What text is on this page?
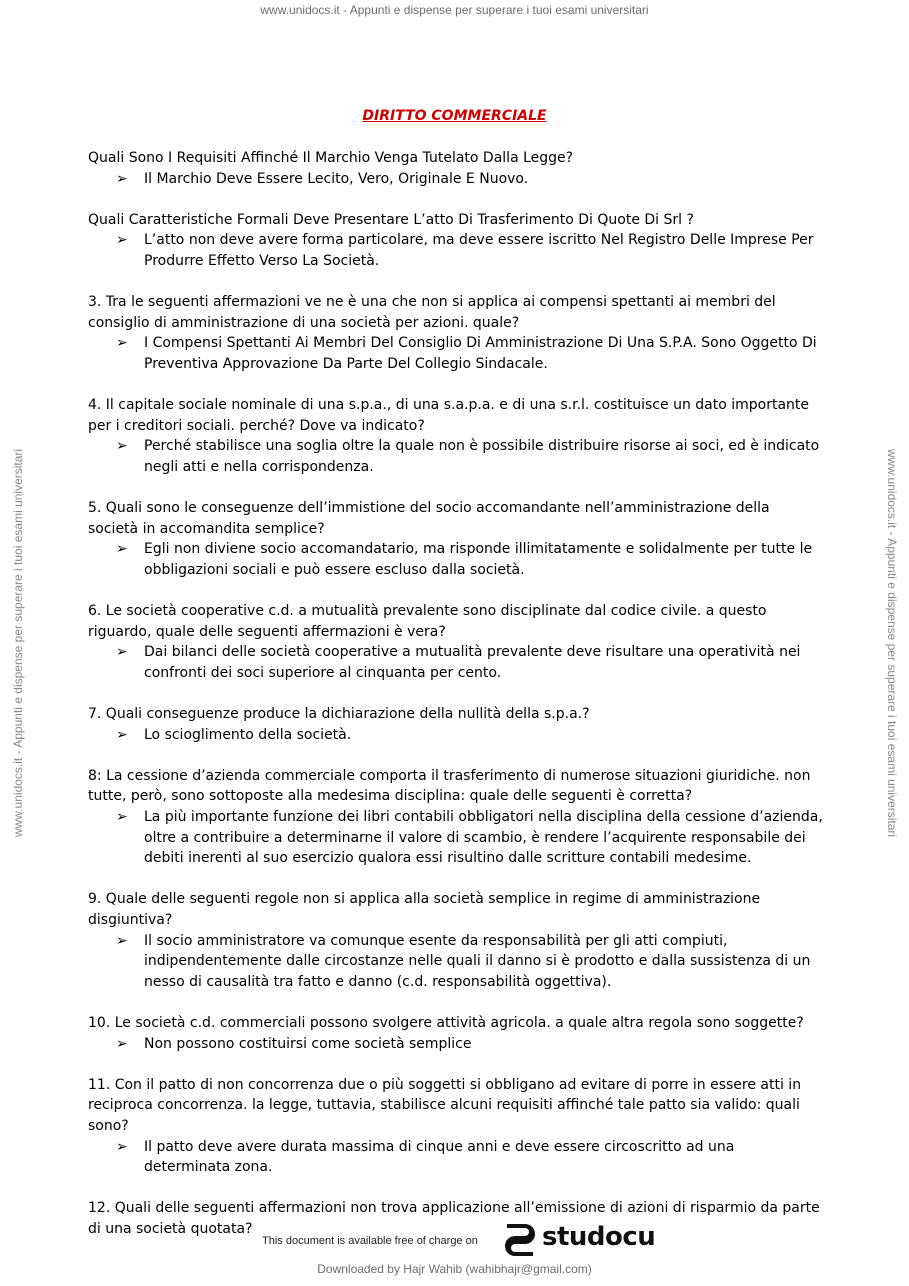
www.unidocs.it - Appunti e dispense per superare i tuoi esami universitari
www.unidocs.it - Appunti e dispense per superare i tuoi esami universitari	www.unidocs.it - Appunti e dispense per superare i tuoi esami universitari
DIRITTO COMMERCIALE

Quali Sono I Requisiti Affinché Il Marchio Venga Tutelato Dalla Legge?

➢ Il Marchio Deve Essere Lecito, Vero, Originale E Nuovo.

Quali Caratteristiche Formali Deve Presentare L’atto Di Trasferimento Di Quote Di Srl ?

➢ L’atto non deve avere forma particolare, ma deve essere iscritto Nel Registro Delle Imprese Per Produrre Effetto Verso La Società.

3. Tra le seguenti affermazioni ve ne è una che non si applica ai compensi spettanti ai membri del consiglio di amministrazione di una società per azioni. quale?

➢ I Compensi Spettanti Ai Membri Del Consiglio Di Amministrazione Di Una S.P.A. Sono Oggetto Di Preventiva Approvazione Da Parte Del Collegio Sindacale.

4. Il capitale sociale nominale di una s.p.a., di una s.a.p.a. e di una s.r.l. costituisce un dato importante per i creditori sociali. perché? Dove va indicato?

➢ Perché stabilisce una soglia oltre la quale non è possibile distribuire risorse ai soci, ed è indicato negli atti e nella corrispondenza.

5. Quali sono le conseguenze dell’immistione del socio accomandante nell’amministrazione della società in accomandita semplice?

➢ Egli non diviene socio accomandatario, ma risponde illimitatamente e solidalmente per tutte le obbligazioni sociali e può essere escluso dalla società.

6. Le società cooperative c.d. a mutualità prevalente sono disciplinate dal codice civile. a questo riguardo, quale delle seguenti affermazioni è vera?

➢ Dai bilanci delle società cooperative a mutualità prevalente deve risultare una operatività nei confronti dei soci superiore al cinquanta per cento.

7. Quali conseguenze produce la dichiarazione della nullità della s.p.a.?

➢ Lo scioglimento della società.

8: La cessione d’azienda commerciale comporta il trasferimento di numerose situazioni giuridiche. non tutte, però, sono sottoposte alla medesima disciplina: quale delle seguenti è corretta?

➢ La più importante funzione dei libri contabili obbligatori nella disciplina della cessione d’azienda, oltre a contribuire a determinarne il valore di scambio, è rendere l’acquirente responsabile dei debiti inerenti al suo esercizio qualora essi risultino dalle scritture contabili medesime.

9. Quale delle seguenti regole non si applica alla società semplice in regime di amministrazione disgiuntiva?

➢ Il socio amministratore va comunque esente da responsabilità per gli atti compiuti, indipendentemente dalle circostanze nelle quali il danno si è prodotto e dalla sussistenza di un nesso di causalità tra fatto e danno (c.d. responsabilità oggettiva).

10. Le società c.d. commerciali possono svolgere attività agricola. a quale altra regola sono soggette?

➢ Non possono costituirsi come società semplice

11. Con il patto di non concorrenza due o più soggetti si obbligano ad evitare di porre in essere atti in reciproca concorrenza. la legge, tuttavia, stabilisce alcuni requisiti affinché tale patto sia valido: quali sono?

➢ Il patto deve avere durata massima di cinque anni e deve essere circoscritto ad una determinata zona.

12. Quali delle seguenti affermazioni non trova applicazione all’emissione di azioni di risparmio da parte di una società quotata?

This document is available free of charge on studocu
Downloaded by Hajr Wahib (wahibhajr@gmail.com)
